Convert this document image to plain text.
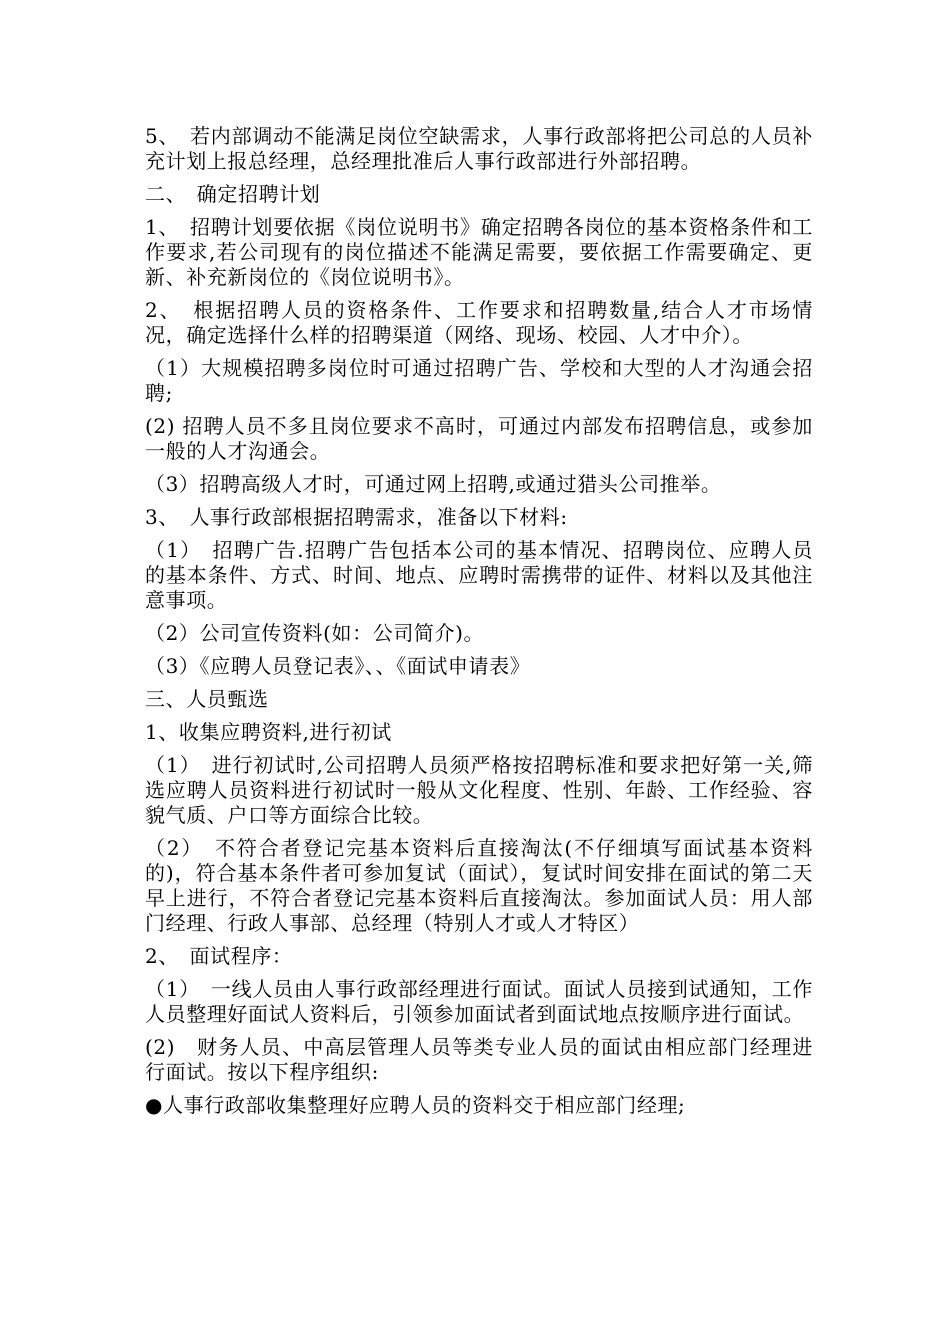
5、　若内部调动不能满足岗位空缺需求，人事行政部将把公司总的人员补充计划上报总经理，总经理批准后人事行政部进行外部招聘。

二、　确定招聘计划

1、　招聘计划要依据《岗位说明书》确定招聘各岗位的基本资格条件和工作要求,若公司现有的岗位描述不能满足需要，要依据工作需要确定、更新、补充新岗位的《岗位说明书》。

2、　根据招聘人员的资格条件、工作要求和招聘数量,结合人才市场情况，确定选择什么样的招聘渠道（网络、现场、校园、人才中介）。

（1）大规模招聘多岗位时可通过招聘广告、学校和大型的人才沟通会招聘;

(2) 招聘人员不多且岗位要求不高时，可通过内部发布招聘信息，或参加一般的人才沟通会。

（3）招聘高级人才时，可通过网上招聘,或通过猎头公司推举。

3、　人事行政部根据招聘需求，准备以下材料:

（1）　招聘广告.招聘广告包括本公司的基本情况、招聘岗位、应聘人员的基本条件、方式、时间、地点、应聘时需携带的证件、材料以及其他注意事项。

（2）公司宣传资料(如：公司简介)。

（3）《应聘人员登记表》、、《面试申请表》

三、人员甄选

1、收集应聘资料,进行初试

（1）　进行初试时,公司招聘人员须严格按招聘标准和要求把好第一关,筛选应聘人员资料进行初试时一般从文化程度、性别、年龄、工作经验、容貌气质、户口等方面综合比较。

（2）　不符合者登记完基本资料后直接淘汰(不仔细填写面试基本资料的)，符合基本条件者可参加复试（面试），复试时间安排在面试的第二天早上进行，不符合者登记完基本资料后直接淘汰。参加面试人员：用人部门经理、行政人事部、总经理（特别人才或人才特区）

2、　面试程序：

（1）　一线人员由人事行政部经理进行面试。面试人员接到试通知，工作人员整理好面试人资料后，引领参加面试者到面试地点按顺序进行面试。

(2)　财务人员、中高层管理人员等类专业人员的面试由相应部门经理进行面试。按以下程序组织:

●人事行政部收集整理好应聘人员的资料交于相应部门经理;
